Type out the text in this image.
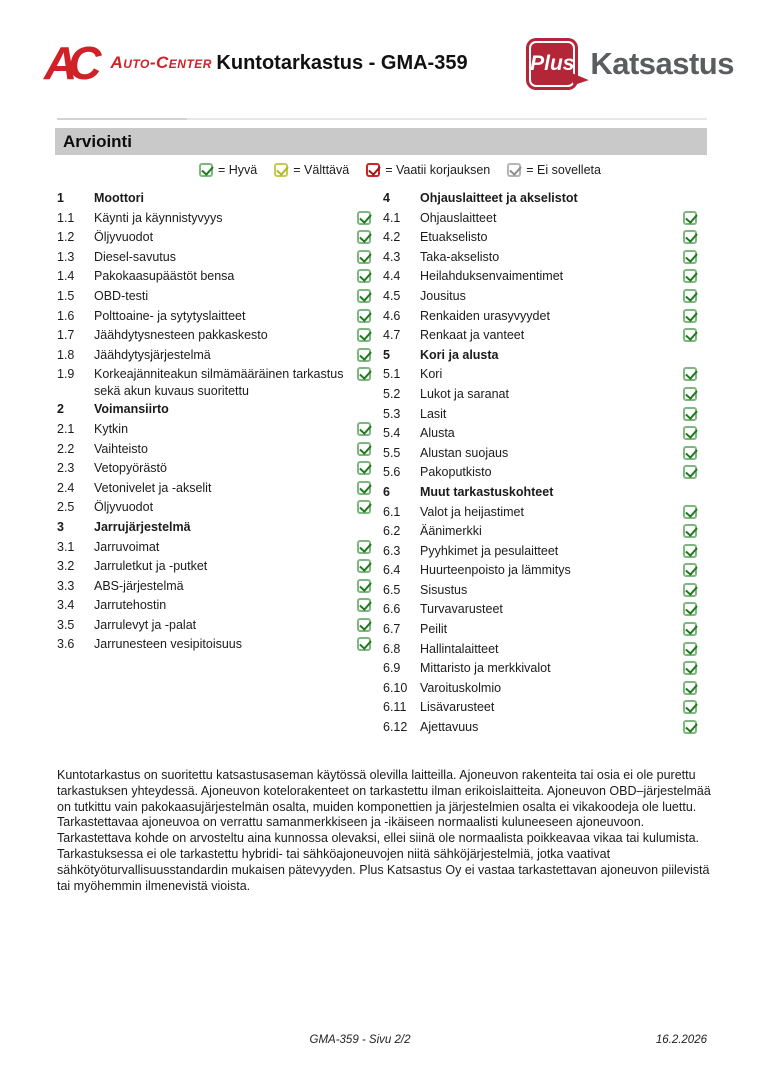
AC	Auto-Center Kuntotarkastus - GMA-359	Plus Katsastus
Arviointi
= Hyvä	= Välttävä	= Vaatii korjauksen	= Ei sovelleta
1	Moottori
1.1	Käynti ja käynnistyvyys
1.2	Öljyvuodot
1.3	Diesel-savutus
1.4	Pakokaasupäästöt bensa
1.5	OBD-testi
1.6	Polttoaine- ja sytytyslaitteet
1.7	Jäähdytysnesteen pakkaskesto
1.8	Jäähdytysjärjestelmä
1.9	Korkeajänniteakun silmämääräinen tarkastus sekä akun kuvaus suoritettu
2	Voimansiirto
2.1	Kytkin
2.2	Vaihteisto
2.3	Vetopyörästö
2.4	Vetonivelet ja -akselit
2.5	Öljyvuodot
3	Jarrujärjestelmä
3.1	Jarruvoimat
3.2	Jarruletkut ja -putket
3.3	ABS-järjestelmä
3.4	Jarrutehostin
3.5	Jarrulevyt ja -palat
3.6	Jarrunesteen vesipitoisuus
4	Ohjauslaitteet ja akselistot
4.1	Ohjauslaitteet
4.2	Etuakselisto
4.3	Taka-akselisto
4.4	Heilahduksenvaimentimet
4.5	Jousitus
4.6	Renkaiden urasyvyydet
4.7	Renkaat ja vanteet
5	Kori ja alusta
5.1	Kori
5.2	Lukot ja saranat
5.3	Lasit
5.4	Alusta
5.5	Alustan suojaus
5.6	Pakoputkisto
6	Muut tarkastuskohteet
6.1	Valot ja heijastimet
6.2	Äänimerkki
6.3	Pyyhkimet ja pesulaitteet
6.4	Huurteenpoisto ja lämmitys
6.5	Sisustus
6.6	Turvavarusteet
6.7	Peilit
6.8	Hallintalaitteet
6.9	Mittaristo ja merkkivalot
6.10	Varoituskolmio
6.11	Lisävarusteet
6.12	Ajettavuus

Kuntotarkastus on suoritettu katsastusaseman käytössä olevilla laitteilla. Ajoneuvon rakenteita tai osia ei ole purettu tarkastuksen yhteydessä. Ajoneuvon kotelorakenteet on tarkastettu ilman erikoislaitteita. Ajoneuvon OBD–järjestelmää on tutkittu vain pakokaasujärjestelmän osalta, muiden komponettien ja järjestelmien osalta ei vikakoodeja ole luettu. Tarkastettavaa ajoneuvoa on verrattu samanmerkkiseen ja -ikäiseen normaalisti kuluneeseen ajoneuvoon. Tarkastettava kohde on arvosteltu aina kunnossa olevaksi, ellei siinä ole normaalista poikkeavaa vikaa tai kulumista. Tarkastuksessa ei ole tarkastettu hybridi- tai sähköajoneuvojen niitä sähköjärjestelmiä, jotka vaativat sähkötyöturvallisuusstandardin mukaisen pätevyyden. Plus Katsastus Oy ei vastaa tarkastettavan ajoneuvon piilevistä tai myöhemmin ilmenevistä vioista.

GMA-359 - Sivu 2/2	16.2.2026
